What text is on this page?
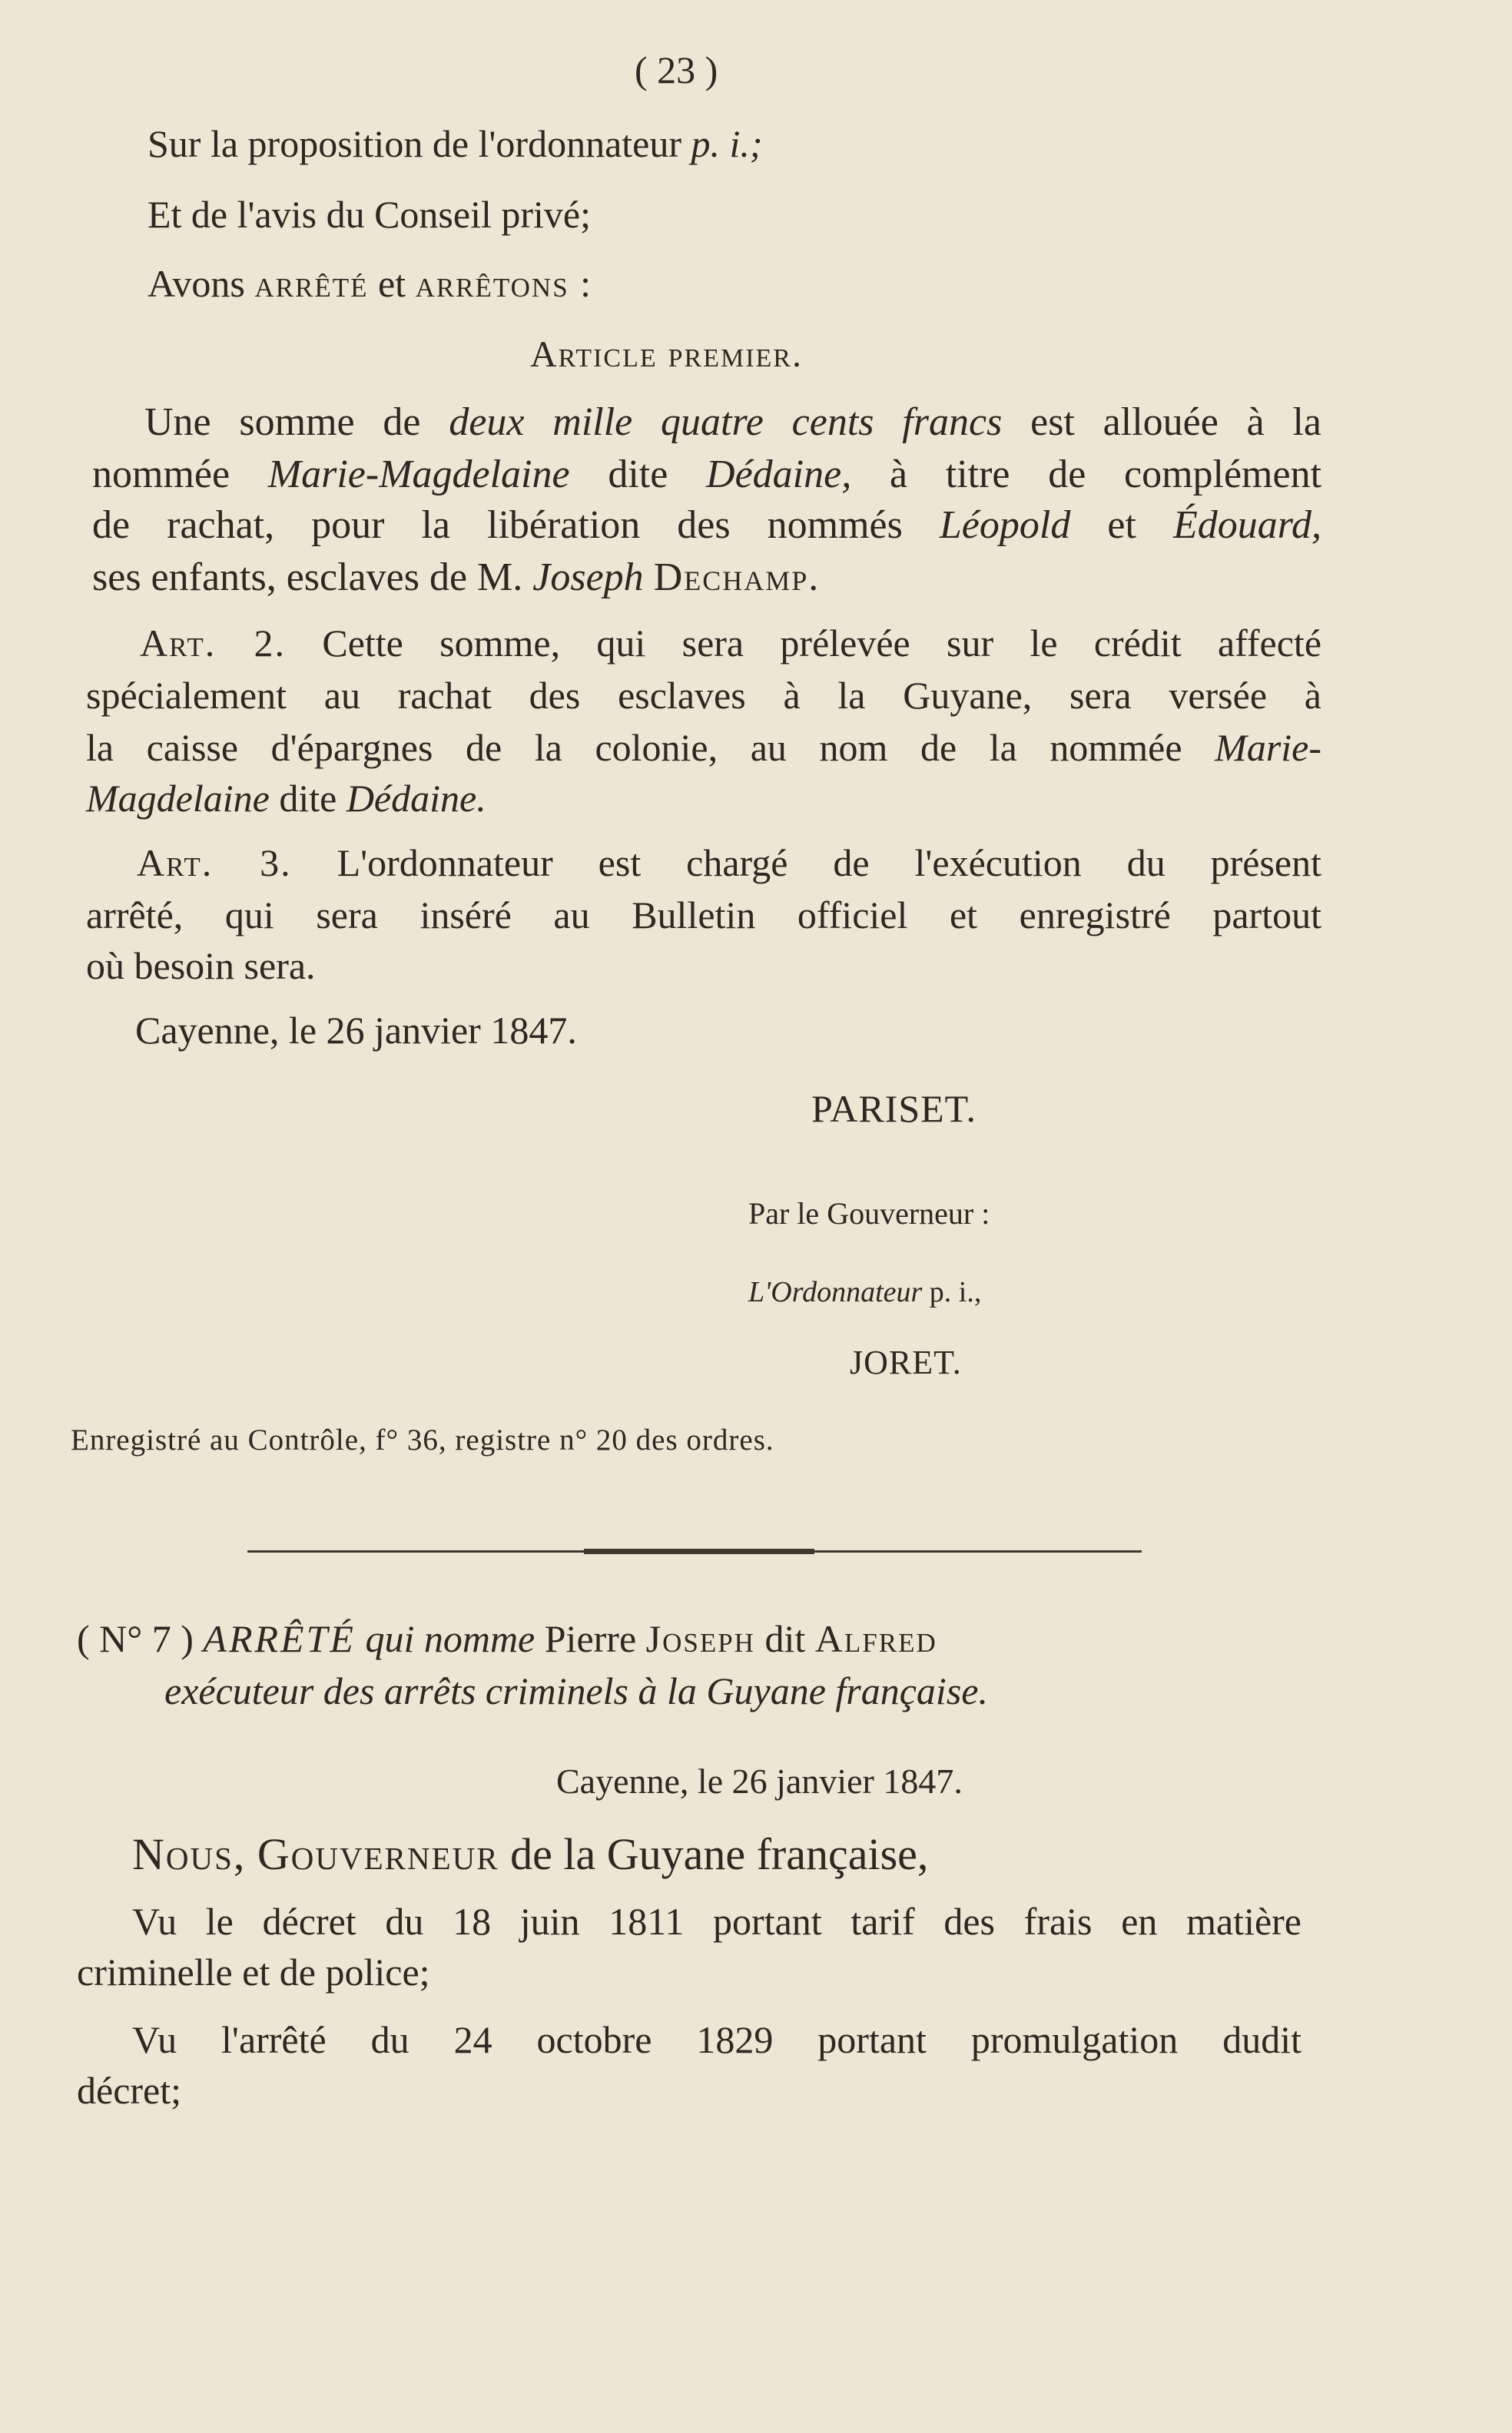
( 23 )

Sur la proposition de l'ordonnateur p. i.;

Et de l'avis du Conseil privé;

Avons arrêté et arrêtons :

Article premier.

Une somme de deux mille quatre cents francs est allouée à la

nommée Marie-Magdelaine dite Dédaine, à titre de complément

de rachat, pour la libération des nommés Léopold et Édouard,

ses enfants, esclaves de M. Joseph Dechamp.

Art. 2. Cette somme, qui sera prélevée sur le crédit affecté

spécialement au rachat des esclaves à la Guyane, sera versée à

la caisse d'épargnes de la colonie, au nom de la nommée Marie-

Magdelaine dite Dédaine.

Art. 3. L'ordonnateur est chargé de l'exécution du présent

arrêté, qui sera inséré au Bulletin officiel et enregistré partout

où besoin sera.

Cayenne, le 26 janvier 1847.

PARISET.

Par le Gouverneur :

L'Ordonnateur p. i.,

JORET.

Enregistré au Contrôle, f° 36, registre n° 20 des ordres.

( N° 7 ) ARRÊTÉ qui nomme Pierre Joseph dit Alfred

exécuteur des arrêts criminels à la Guyane française.

Cayenne, le 26 janvier 1847.

Nous, Gouverneur de la Guyane française,

Vu le décret du 18 juin 1811 portant tarif des frais en matière

criminelle et de police;

Vu l'arrêté du 24 octobre 1829 portant promulgation dudit

décret;
